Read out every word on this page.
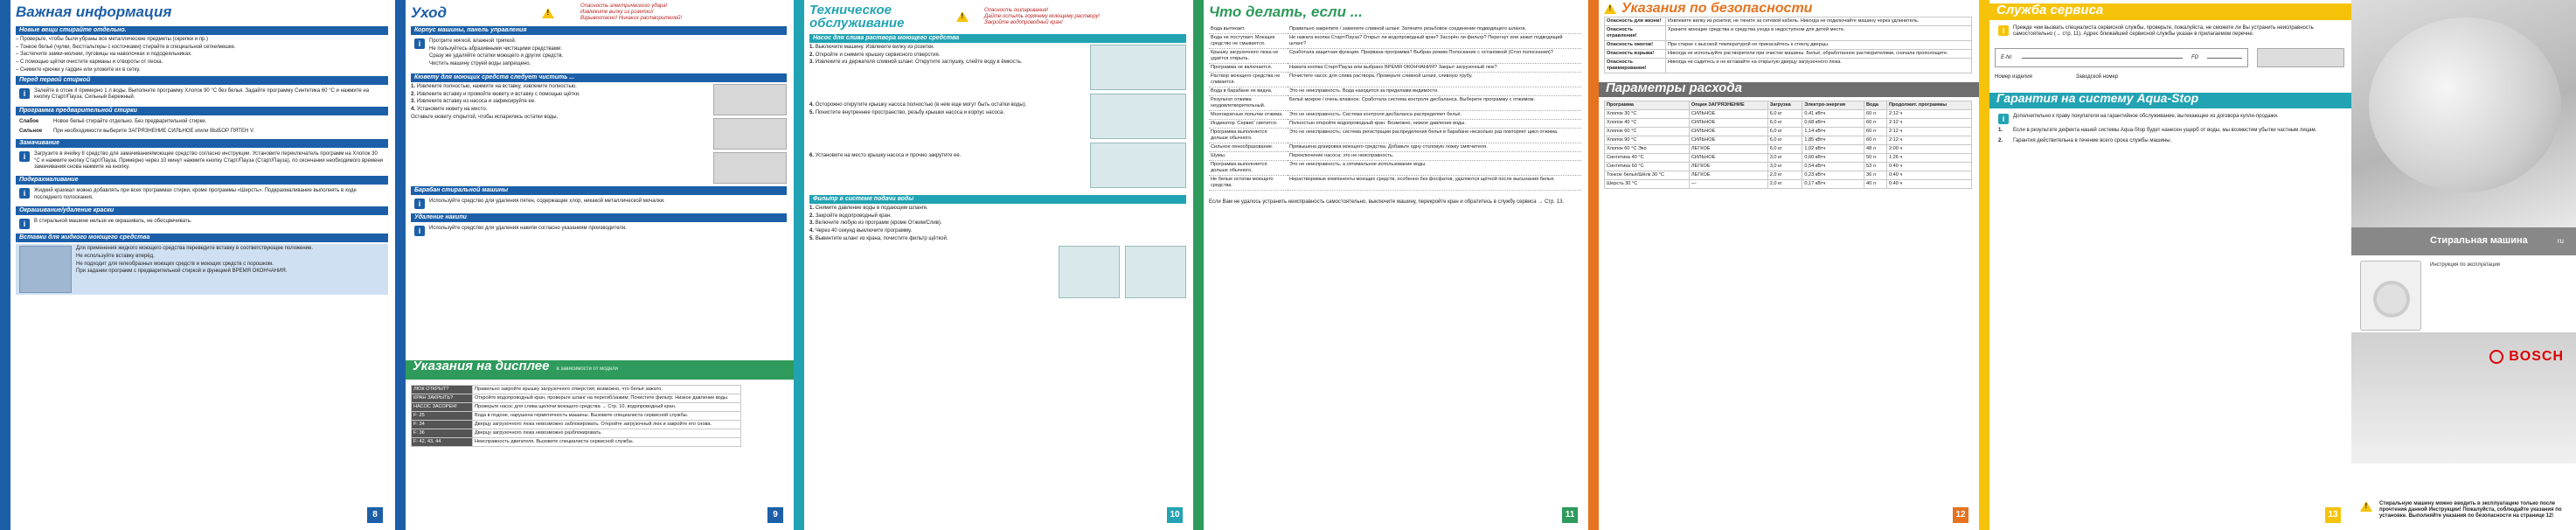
Важная информация
Новые вещи стирайте отдельно.

– Проверьте, чтобы были убраны все металлические предметы (скрепки и пр.)

– Тонкое бельё (чулки, бюстгальтеры с косточками) стирайте в специальной сетке/мешке.

– Застегните замки-молнии, пуговицы на наволочках и пододеяльниках.

– С помощью щётки очистите карманы и отвороты от песка.

– Снимите крючки у гардин или уложите их в сетку.

Перед первой стиркой
i	Залейте в отсек II примерно 1 л воды. Выполните программу Хлопок 90 °С без белья. Задайте программу Синтетика 60 °С и нажмите на кнопку Старт/Пауза. Сильный Бережный.

Программа предварительной стирки
Слабое	Новое бельё стирайте отдельно. Без предварительной стирки.
Сильное	При необходимости выберите ЗАГРЯЗНЕНИЕ СИЛЬНОЕ и/или ВЫБОР ПЯТЕН V.
Замачивание
i	Загрузите в ячейку II средство для замачивания/моющее средство согласно инструкции. Установите переключатель программ на Хлопок 30 °С и нажмите кнопку Старт/Пауза. Примерно через 10 минут нажмите кнопку Старт/Пауза (Старт/Пауза), по окончании необходимого времени замачивания снова нажмите на кнопку.

Подкрахмаливание
i	Жидкий крахмал можно добавлять при всех программах стирки, кроме программы «Шерсть». Подкрахмаливание выполнять в ходе последнего полоскания.

Окрашивание/удаление краски
i	В стиральной машине нельзя не окрашивать, не обесцвечивать.

Вставки для жидкого моющего средства

Для применения жидкого моющего средства переведите вставку в соответствующее положение.

Не используйте вставку вперёд.

Не подходит для гелеобразных моющих средств и моющих средств с порошком.

При задании программ с предварительной стиркой и функцией ВРЕМЯ ОКОНЧАНИЯ.

8
Уход
!	Опасность электрического удара!
Извлеките вилку из розетки!
Взрывоопасно! Никаких растворителей!
Корпус машины, панель управления
i	Протрите мягкой, влажной тряпкой.

Не пользуйтесь абразивными чистящими средствами.

Сразу же удаляйте остатки моющего и других средств.

Чистить машину струей воды запрещено.

Кювету для моющих средств следует чистить ...

1. Извлеките полностью, нажмите на вставку, извлеките полностью.

2. Извлеките вставку и промойте кювету и вставку с помощью щётки.

3. Извлеките вставку из насоса и зафиксируйте ее.

4. Установите кювету на место.

Оставьте кювету открытой, чтобы испарились остатки воды.

Барабан стиральной машины
i	Используйте средство для удаления пятен, содержащие хлор, никакой металлической мочалки.

Удаление накипи
i	Используйте средство для удаления накипи согласно указаниям производителя.

Указания на дисплее в зависимости от модели
ЛЮК ОТКРЫТ?	Правильно закройте крышку загрузочного отверстия; возможно, что бельё зажато.
КРАН ЗАКРЫТЬ?	Откройте водопроводный кран, проверьте шланг на перегиб/зажим; Почистите фильтр. Низкое давление воды.
НАСОС ЗАСОРЕН!	Проверьте насос для слива щелочи моющего средства → Стр. 10, водопроводный кран.
F: 25	Вода в подоне, нарушена герметичность машины. Вызовите специалиста сервисной службы.
F: 34	Дверцу загрузочного люка невозможно заблокировать. Откройте загрузочный люк и закройте его снова.
F: 36	Дверцу загрузочного люка невозможно разблокировать.
F: 42, 43, 44	Неисправность двигателя. Вызовите специалиста сервисной службы.
9
Техническое обслуживание
!
Опасность ошпаривания!
Дайте остыть горячему моющему раствору!
Закройте водопроводный кран!
Насос для слива раствора моющего средства

1. Выключите машину. Извлеките вилку из розетки.

2. Откройте и снимите крышку сервисного отверстия.

3. Извлеките из держателя сливной шланг. Открутите заглушку, слейте воду в ёмкость.

4. Осторожно открутите крышку насоса полностью (в нем еще могут быть остатки воды).

5. Почистите внутреннее пространство, резьбу крышки насоса и корпус насоса.

6. Установите на место крышку насоса и прочно закрутите ее.

Фильтр в системе подачи воды

1. Снимите давление воды в подающем шланге.

2. Закройте водопроводный кран.

3. Включите любую из программ (кроме Отжим/Слив).

4. Через 40 секунд выключите программу.

5. Вывинтите шланг из крана, почистите фильтр щёткой.

10
Что делать, если ...
Вода вытекает.	Правильно закрепите / замените сливной шланг. Затяните резьбовое соединение подводящего шланга.
Вода не поступает. Моющее средство не смывается.	Не нажата кнопка Старт/Пауза? Открыт ли водопроводный кран? Засорён ли фильтр? Перегнут или зажат подводящий шланг?
Крышку загрузочного люка не удаётся открыть.	Сработала защитная функция. Прервана программа? Выбран режим Полоскание с остановкой (Стоп полоскания)?
Программа не включается.	Нажата кнопка Старт/Пауза или выбрано ВРЕМЯ ОКОНЧАНИЯ? Закрыт загрузочный люк?
Раствор моющего средства не сливается.	Почистите насос для слива раствора. Проверьте сливной шланг, сливную трубу.
Вода в барабане не видна.	Это не неисправность. Вода находится за пределами видимости.
Результат отжима неудовлетворительный.	Бельё мокрое / очень влажное. Сработала система контроля дисбаланса. Выберите программу с отжимом.
Многократные попытки отжима.	Это не неисправность. Система контроля дисбаланса распределяет бельё.
Индикатор 'Сервис' светится.	Полностью откройте водопроводный кран. Возможно, низкое давление воды.
Программа выполняется дольше обычного.	Это не неисправность: система регистрации распределения белья в барабане несколько раз повторяет цикл отжима.
Сильное пенообразование.	Превышена дозировка моющего средства. Добавьте одну столовую ложку смягчителя.
Шумы.	Переключение насоса; это не неисправность.
Программа выполняется дольше обычного.	Это не неисправность, а оптимальное использование воды.
Не белые остатки моющего средства.	Нерастворимые компоненты моющих средств, особенно без фосфатов, удаляются щёткой после высыхания белья.
Если Вам не удалось устранить неисправность самостоятельно, выключите машину, перекройте кран и обратитесь в службу сервиса → Стр. 13.
11
!
Указания по безопасности
Опасность для жизни!	Извлеките вилку из розетки; не тяните за сетевой кабель. Никогда не подключайте машину через удлинитель.
Опасность отравления!	Храните моющие средства и средства ухода в недоступном для детей месте.
Опасность ожогов!	При стирке с высокой температурой не прикасайтесь к стеклу дверцы.
Опасность взрыва!	Никогда не используйте растворители при очистке машины. Бельё, обработанное растворителями, сначала прополощите.
Опасность травмирования!	Никогда не садитесь и не вставайте на открытую дверцу загрузочного люка.
Параметры расхода
Программа	Опция ЗАГРЯЗНЕНИЕ	Загрузка	Электро-энергия	Вода	Продолжит. программы
Хлопок 30 °С	СИЛЬНОЕ	6,0 кг	0,41 кВтч	60 л	2:12 ч
Хлопок 40 °С	СИЛЬНОЕ	6,0 кг	0,68 кВтч	60 л	2:12 ч
Хлопок 60 °С	СИЛЬНОЕ	6,0 кг	1,14 кВтч	60 л	2:12 ч
Хлопок 90 °С	СИЛЬНОЕ	6,0 кг	1,85 кВтч	60 л	2:12 ч
Хлопок 60 °С Эко	ЛЕГКОЕ	6,0 кг	1,02 кВтч	48 л	2:00 ч
Синтетика 40 °С	СИЛЬНОЕ	3,0 кг	0,60 кВтч	50 л	1:26 ч
Синтетика 60 °С	ЛЕГКОЕ	3,0 кг	0,54 кВтч	53 л	0:40 ч
Тонкое бельё/Шёлк 30 °С	ЛЕГКОЕ	2,0 кг	0,23 кВтч	36 л	0:40 ч
Шерсть 30 °С	—	2,0 кг	0,17 кВтч	40 л	0:40 ч
12
Служба сервиса
i	Прежде чем вызвать специалиста сервисной службы, проверьте, пожалуйста, не сможете ли Вы устранить неисправность самостоятельно (→ стр. 11). Адрес ближайшей сервисной службы указан в прилагаемом перечне.

E-Nr.	FD
Номер изделия	Заводской номер
Гарантия на систему Aqua-Stop
i	Дополнительно к праву покупателя на гарантийное обслуживание, вытекающее из договора купли-продажи.

1.	Если в результате дефекта нашей системы Aqua-Stop будет нанесен ущерб от воды, мы возместим убытки частным лицам.

2.	Гарантия действительна в течение всего срока службы машины.

13
Стиральная машина	ru
Инструкция по эксплуатации
BOSCH
!
Стиральную машину можно вводить в эксплуатацию только после прочтения данной Инструкции! Пожалуйста, соблюдайте указания по установке. Выполняйте указания по безопасности на странице 12!
